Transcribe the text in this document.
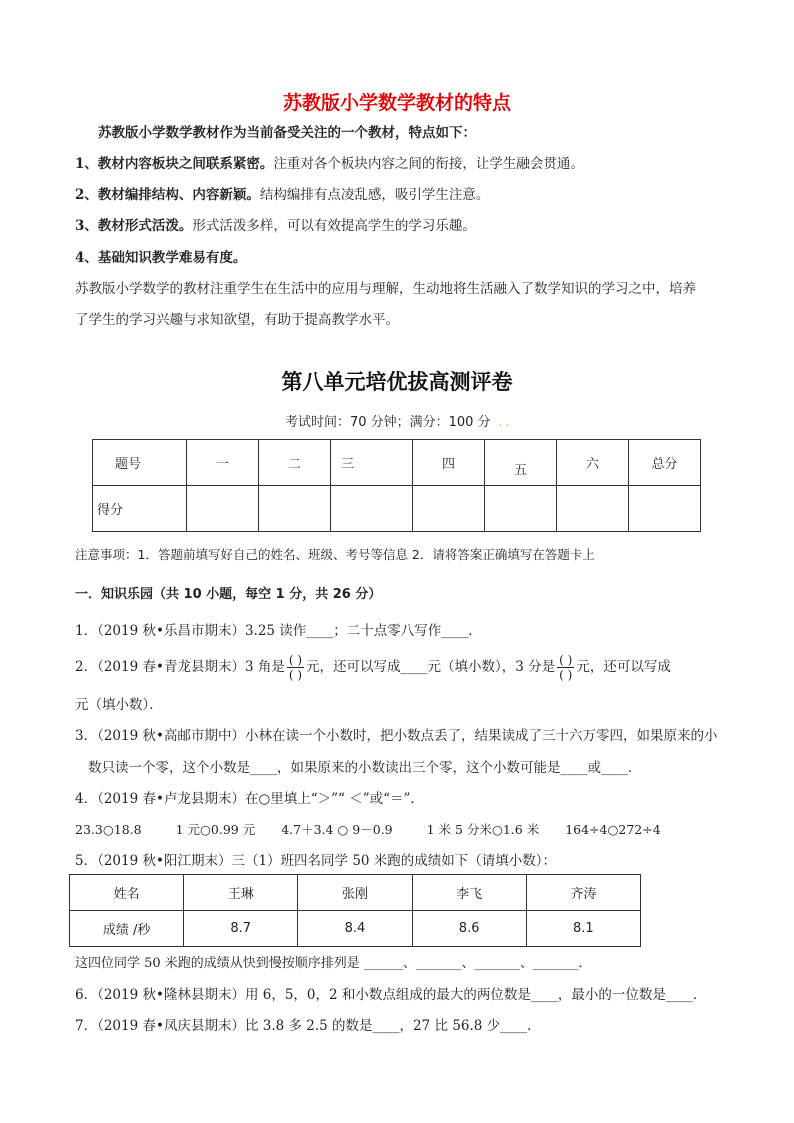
苏教版小学数学教材的特点
苏教版小学数学教材作为当前备受关注的一个教材，特点如下：
1、教材内容板块之间联系紧密。注重对各个板块内容之间的衔接，让学生融会贯通。
2、教材编排结构、内容新颖。结构编排有点凌乱感，吸引学生注意。
3、教材形式活泼。形式活泼多样，可以有效提高学生的学习乐趣。
4、基础知识教学难易有度。
苏教版小学数学的教材注重学生在生活中的应用与理解，生动地将生活融入了数学知识的学习之中，培养
了学生的学习兴趣与求知欲望，有助于提高教学水平。
第八单元培优拔高测评卷
考试时间：70 分钟；满分：100 分 . .
题号	一	二	三	四	五	六	总分
得分							
注意事项：1．答题前填写好自己的姓名、班级、考号等信息 2．请将答案正确填写在答题卡上
一．知识乐园（共 10 小题，每空 1 分，共 26 分）
1．（2019 秋•乐昌市期末）3.25 读作____；二十点零八写作____．
2．（2019 春•青龙县期末）3 角是 $\frac{( )}{( )}$ 元，还可以写成____元（填小数），3 分是 $\frac{( )}{( )}$ 元，还可以写成
元（填小数）．
3．（2019 秋•高邮市期中）小林在读一个小数时，把小数点丢了，结果读成了三十六万零四，如果原来的小
数只读一个零，这个小数是____，如果原来的小数读出三个零，这个小数可能是____或____．
4．（2019 春•卢龙县期末）在○里填上“＞”“ ＜”或“＝”．
23.3○18.8	1 元○0.99 元 4.7＋3.4 ○ 9－0.9	1 米 5 分米○1.6 米 164÷4○272÷4
5．（2019 秋•阳江期末）三（1）班四名同学 50 米跑的成绩如下（请填小数）：
姓名	王琳	张刚	李飞	齐涛
成绩 /秒	8.7	8.4	8.6	8.1
这四位同学 50 米跑的成绩从快到慢按顺序排列是 ______、_______、_______、_______．
6．（2019 秋•隆林县期末）用 6，5，0，2 和小数点组成的最大的两位数是____，最小的一位数是____．
7．（2019 春•凤庆县期末）比 3.8 多 2.5 的数是____，27 比 56.8 少____．
